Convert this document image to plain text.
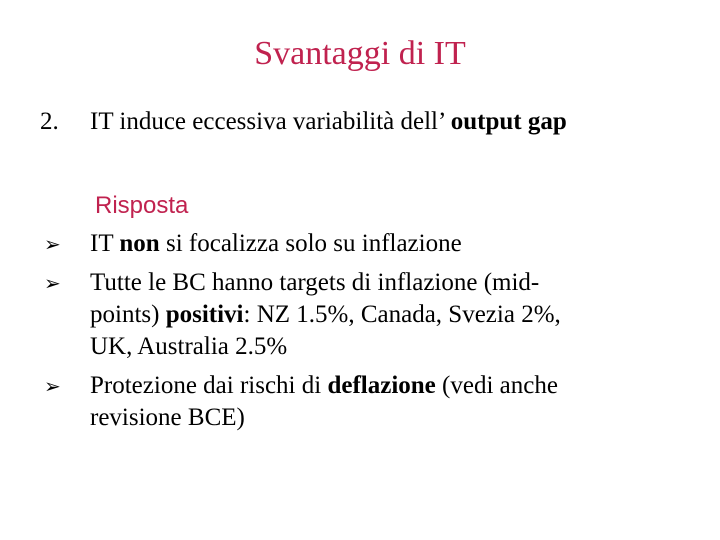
Svantaggi di IT
2. IT induce eccessiva variabilità dell’ output gap
Risposta
➢ IT non si focalizza solo su inflazione
➢ Tutte le BC hanno targets di inflazione (mid-
points) positivi: NZ 1.5%, Canada, Svezia 2%,
UK, Australia 2.5%
➢ Protezione dai rischi di deflazione (vedi anche
revisione BCE)
